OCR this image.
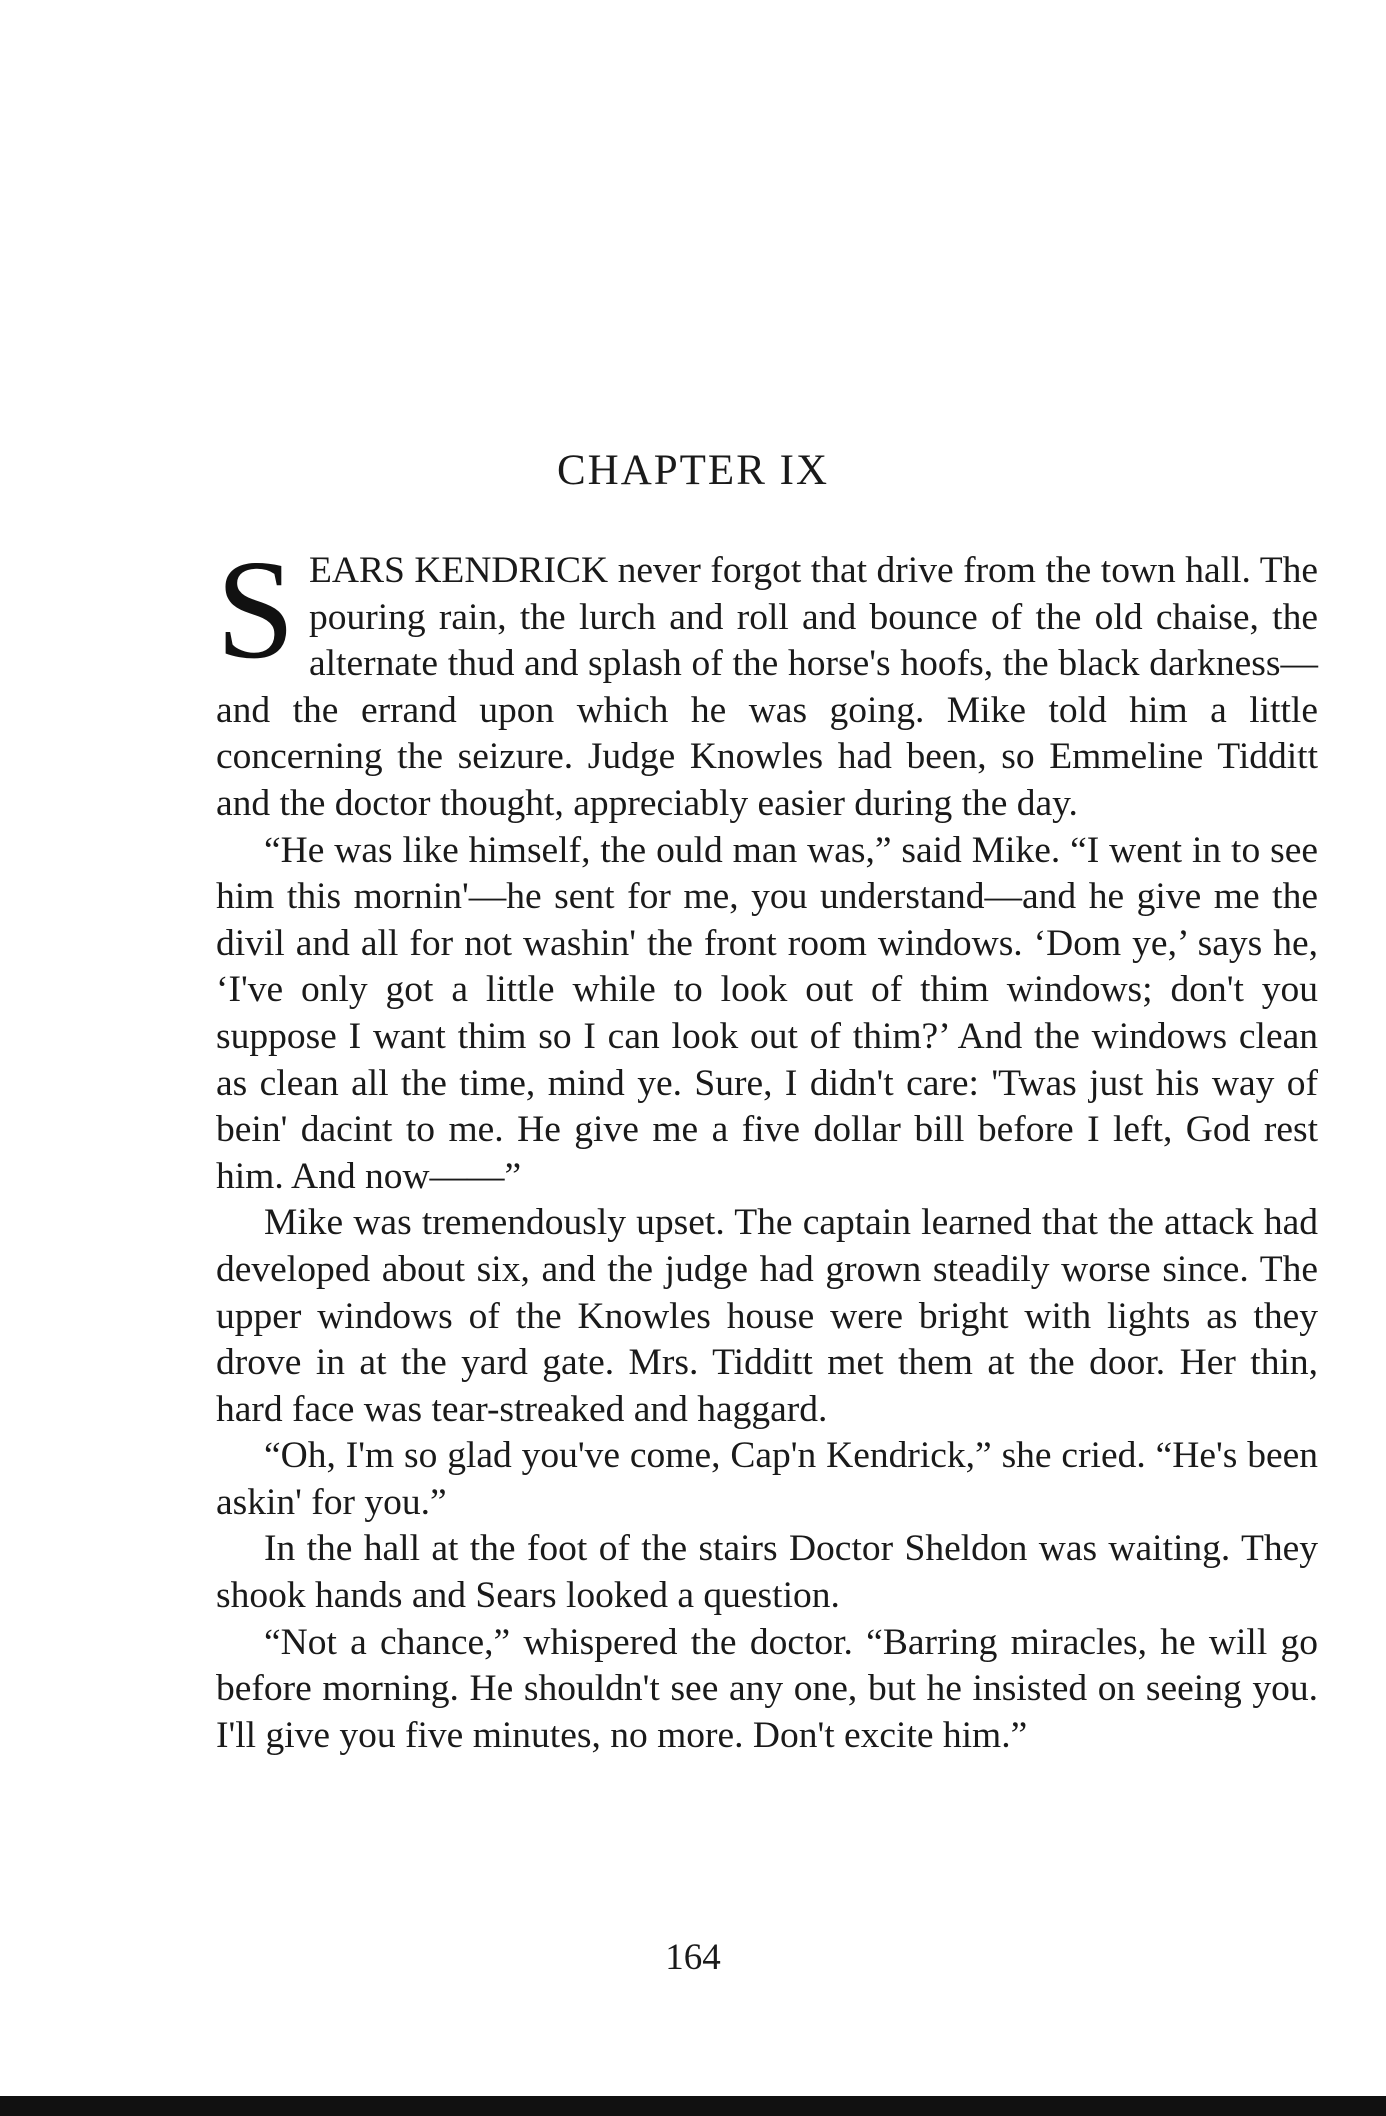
CHAPTER IX

SEARS KENDRICK never forgot that drive from the town hall. The pouring rain, the lurch and roll and bounce of the old chaise, the alternate thud and splash of the horse's hoofs, the black darkness—and the errand upon which he was going. Mike told him a little concerning the seizure. Judge Knowles had been, so Emmeline Tidditt and the doctor thought, appreciably easier during the day.

“He was like himself, the ould man was,” said Mike. “I went in to see him this mornin'—he sent for me, you understand—and he give me the divil and all for not washin' the front room windows. ‘Dom ye,’ says he, ‘I've only got a little while to look out of thim windows; don't you suppose I want thim so I can look out of thim?’ And the windows clean as clean all the time, mind ye. Sure, I didn't care: 'Twas just his way of bein' dacint to me. He give me a five dollar bill before I left, God rest him. And now——”

Mike was tremendously upset. The captain learned that the attack had developed about six, and the judge had grown steadily worse since. The upper windows of the Knowles house were bright with lights as they drove in at the yard gate. Mrs. Tidditt met them at the door. Her thin, hard face was tear-streaked and haggard.

“Oh, I'm so glad you've come, Cap'n Kendrick,” she cried. “He's been askin' for you.”

In the hall at the foot of the stairs Doctor Sheldon was waiting. They shook hands and Sears looked a question.

“Not a chance,” whispered the doctor. “Barring miracles, he will go before morning. He shouldn't see any one, but he insisted on seeing you. I'll give you five minutes, no more. Don't excite him.”

164
